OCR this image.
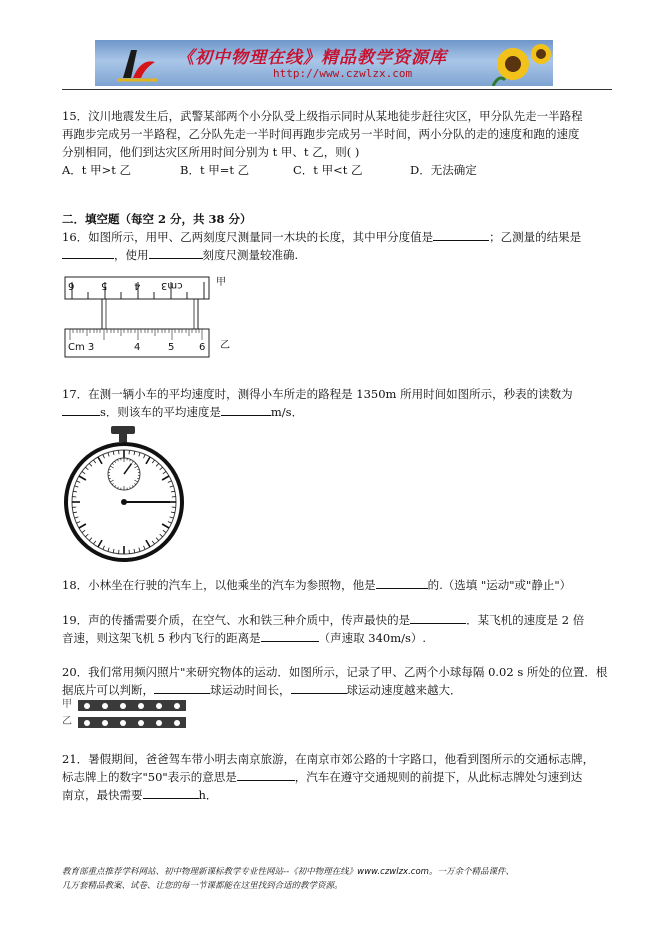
《初中物理在线》精品教学资源库
http://www.czwlzx.com
15．汶川地震发生后，武警某部两个小分队受上级指示同时从某地徒步赶往灾区，甲分队先走一半路程
再跑步完成另一半路程，乙分队先走一半时间再跑步完成另一半时间，两小分队的走的速度和跑的速度
分别相同，他们到达灾区所用时间分别为 t 甲、t 乙，则( )
A．t 甲>t 乙	B．t 甲=t 乙	C．t 甲<t 乙	D．无法确定
二．填空题（每空 2 分，共 38 分）
16．如图所示，用甲、乙两刻度尺测量同一木块的长度，其中甲分度值是	；乙测量的结果是
，使用	刻度尺测量较准确.
6	5	4 cm3	甲
Cm 3	4	5 6 乙
17．在测一辆小车的平均速度时，测得小车所走的路程是 1350m 所用时间如图所示，秒表的读数为
s．则该车的平均速度是	m/s．
18．小林坐在行驶的汽车上，以他乘坐的汽车为参照物，他是	的.（选填 "运动"或"静止"）
19．声的传播需要介质，在空气、水和铁三种介质中，传声最快的是	．某飞机的速度是 2 倍
音速，则这架飞机 5 秒内飞行的距离是	（声速取 340m/s）.
20．我们常用频闪照片"来研究物体的运动．如图所示，记录了甲、乙两个小球每隔 0.02 s 所处的位置．根
据底片可以判断，	球运动时间长，	球运动速度越来越大．
甲
乙
21．暑假期间，爸爸驾车带小明去南京旅游，在南京市郊公路的十字路口，他看到图所示的交通标志牌，
标志牌上的数字"50"表示的意思是	，汽车在遵守交通规则的前提下，从此标志牌处匀速到达
南京，最快需要	h．
教育部重点推荐学科网站、初中物理新课标教学专业性网站--《初中物理在线》www.czwlzx.com。一万余个精品课件、
几万套精品教案、试卷、让您的每一节课都能在这里找到合适的教学资源。
